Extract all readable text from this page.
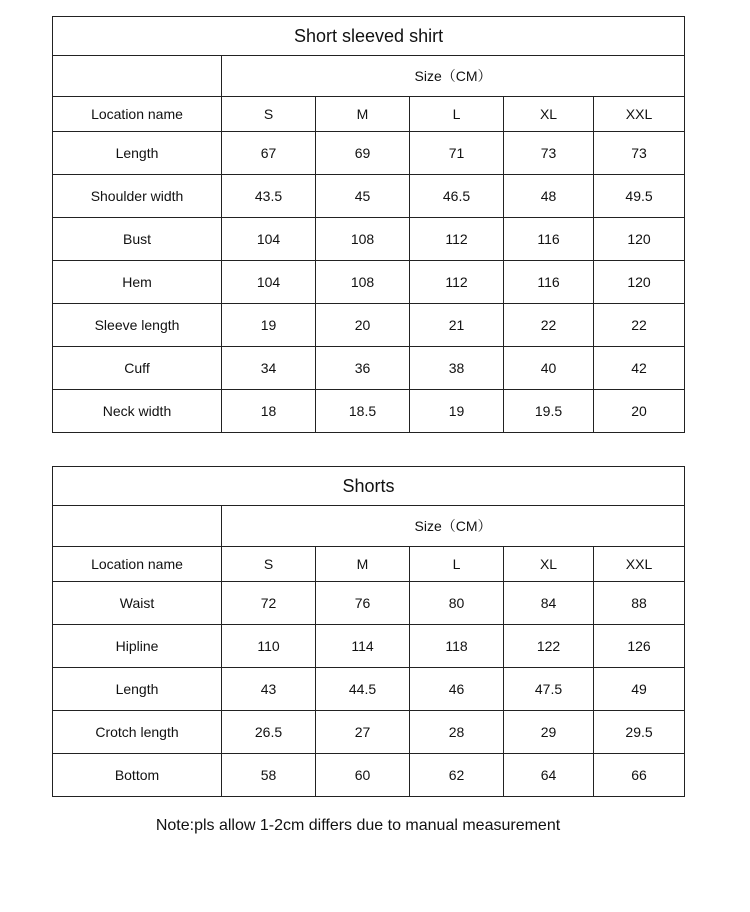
Short sleeved shirt					
	Size（CM）				
Location name	S	M	L	XL	XXL
Length	67	69	71	73	73
Shoulder width	43.5	45	46.5	48	49.5
Bust	104	108	112	116	120
Hem	104	108	112	116	120
Sleeve length	19	20	21	22	22
Cuff	34	36	38	40	42
Neck width	18	18.5	19	19.5	20
Shorts					
	Size（CM）				
Location name	S	M	L	XL	XXL
Waist	72	76	80	84	88
Hipline	110	114	118	122	126
Length	43	44.5	46	47.5	49
Crotch length	26.5	27	28	29	29.5
Bottom	58	60	62	64	66
Note:pls allow 1-2cm differs due to manual measurement
